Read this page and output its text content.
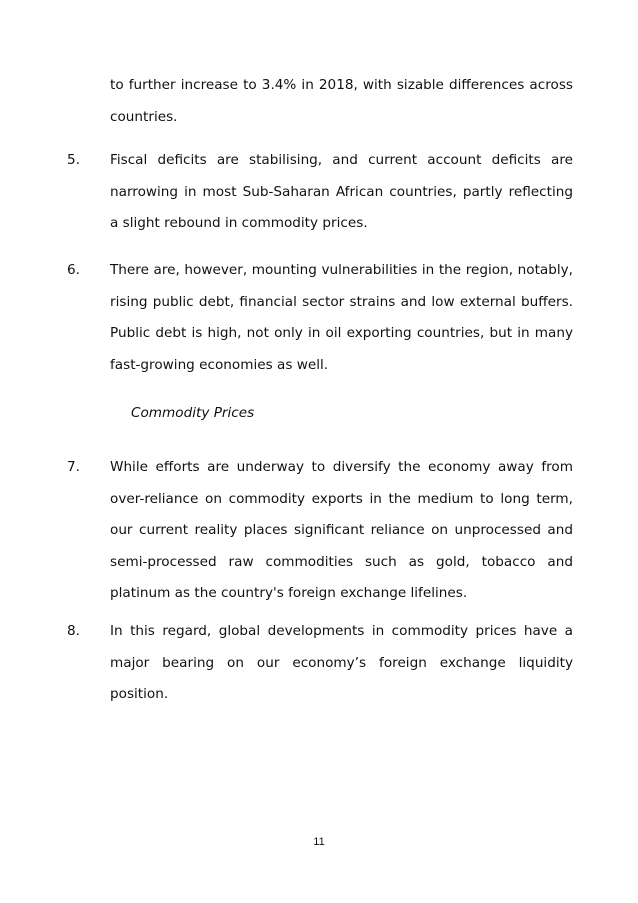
to further increase to 3.4% in 2018, with sizable differences across countries.
5. Fiscal deficits are stabilising, and current account deficits are narrowing in most Sub-Saharan African countries, partly reflecting a slight rebound in commodity prices.
6. There are, however, mounting vulnerabilities in the region, notably, rising public debt, financial sector strains and low external buffers. Public debt is high, not only in oil exporting countries, but in many fast-growing economies as well.
Commodity Prices
7. While efforts are underway to diversify the economy away from over-reliance on commodity exports in the medium to long term, our current reality places significant reliance on unprocessed and semi-processed raw commodities such as gold, tobacco and platinum as the country's foreign exchange lifelines.
8. In this regard, global developments in commodity prices have a major bearing on our economy’s foreign exchange liquidity position.
11
